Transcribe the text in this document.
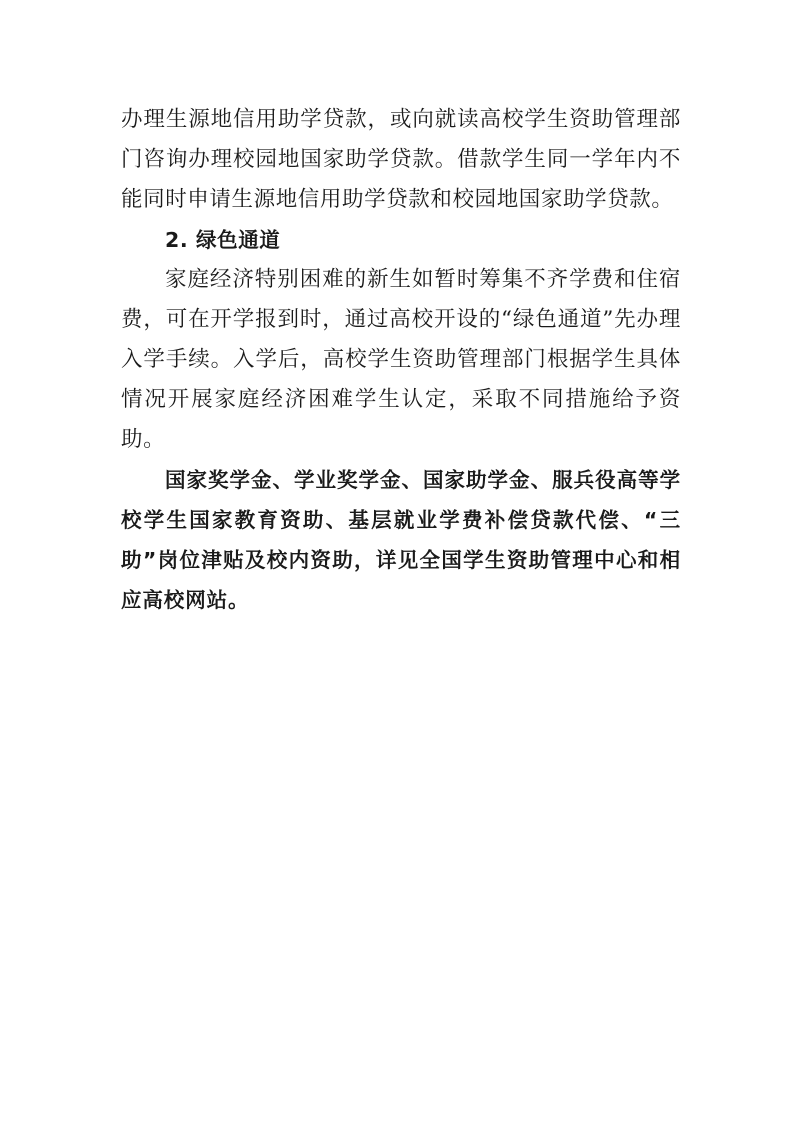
办理生源地信用助学贷款，或向就读高校学生资助管理部门咨询办理校园地国家助学贷款。借款学生同一学年内不能同时申请生源地信用助学贷款和校园地国家助学贷款。

2. 绿色通道

家庭经济特别困难的新生如暂时筹集不齐学费和住宿费，可在开学报到时，通过高校开设的“绿色通道”先办理入学手续。入学后，高校学生资助管理部门根据学生具体情况开展家庭经济困难学生认定，采取不同措施给予资助。

国家奖学金、学业奖学金、国家助学金、服兵役高等学校学生国家教育资助、基层就业学费补偿贷款代偿、“三助”岗位津贴及校内资助，详见全国学生资助管理中心和相应高校网站。
